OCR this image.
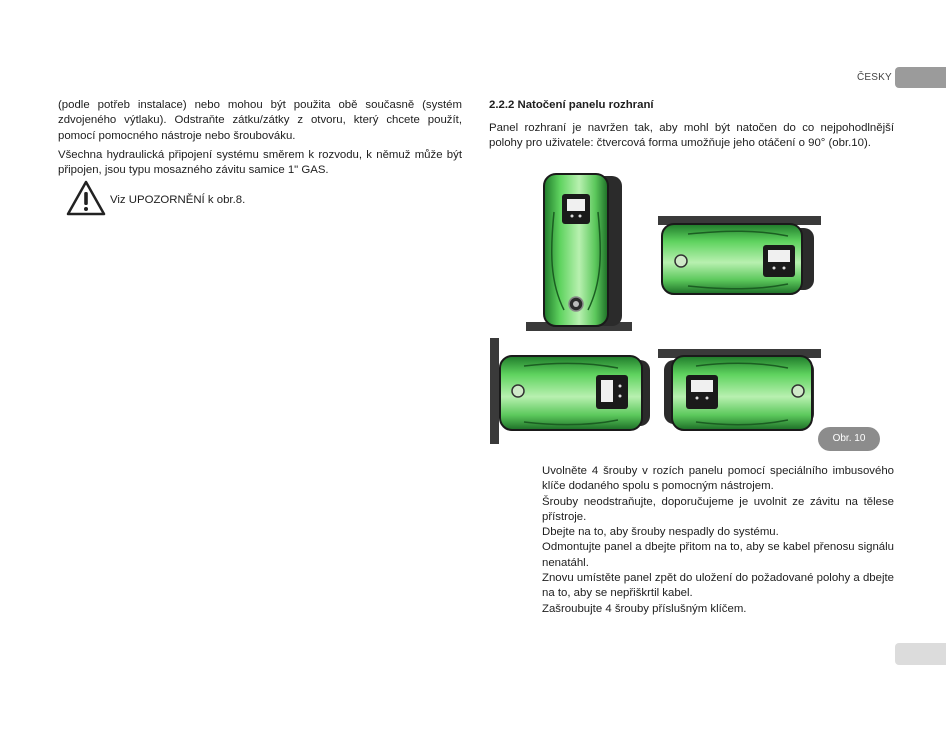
ČESKY
(podle potřeb instalace) nebo mohou být použita obě současně (systém zdvojeného výtlaku). Odstraňte zátku/zátky z otvoru, který chcete použít, pomocí pomocného nástroje nebo šroubováku.
Všechna hydraulická připojení systému směrem k rozvodu, k němuž může být připojen, jsou typu mosazného závitu samice 1" GAS.
Viz UPOZORNĚNÍ k obr.8.
2.2.2 Natočení panelu rozhraní
Panel rozhraní je navržen tak, aby mohl být natočen do co nejpohodlnější polohy pro uživatele: čtvercová forma umožňuje jeho otáčení o 90° (obr.10).
Obr. 10

Uvolněte 4 šrouby v rozích panelu pomocí speciálního imbusového klíče dodaného spolu s pomocným nástrojem.

Šrouby neodstraňujte, doporučujeme je uvolnit ze závitu na tělese přístroje.

Dbejte na to, aby šrouby nespadly do systému.

Odmontujte panel a dbejte přitom na to, aby se kabel přenosu signálu nenatáhl.

Znovu umístěte panel zpět do uložení do požadované polohy a dbejte na to, aby se nepřiškrtil kabel.

Zašroubujte 4 šrouby příslušným klíčem.
